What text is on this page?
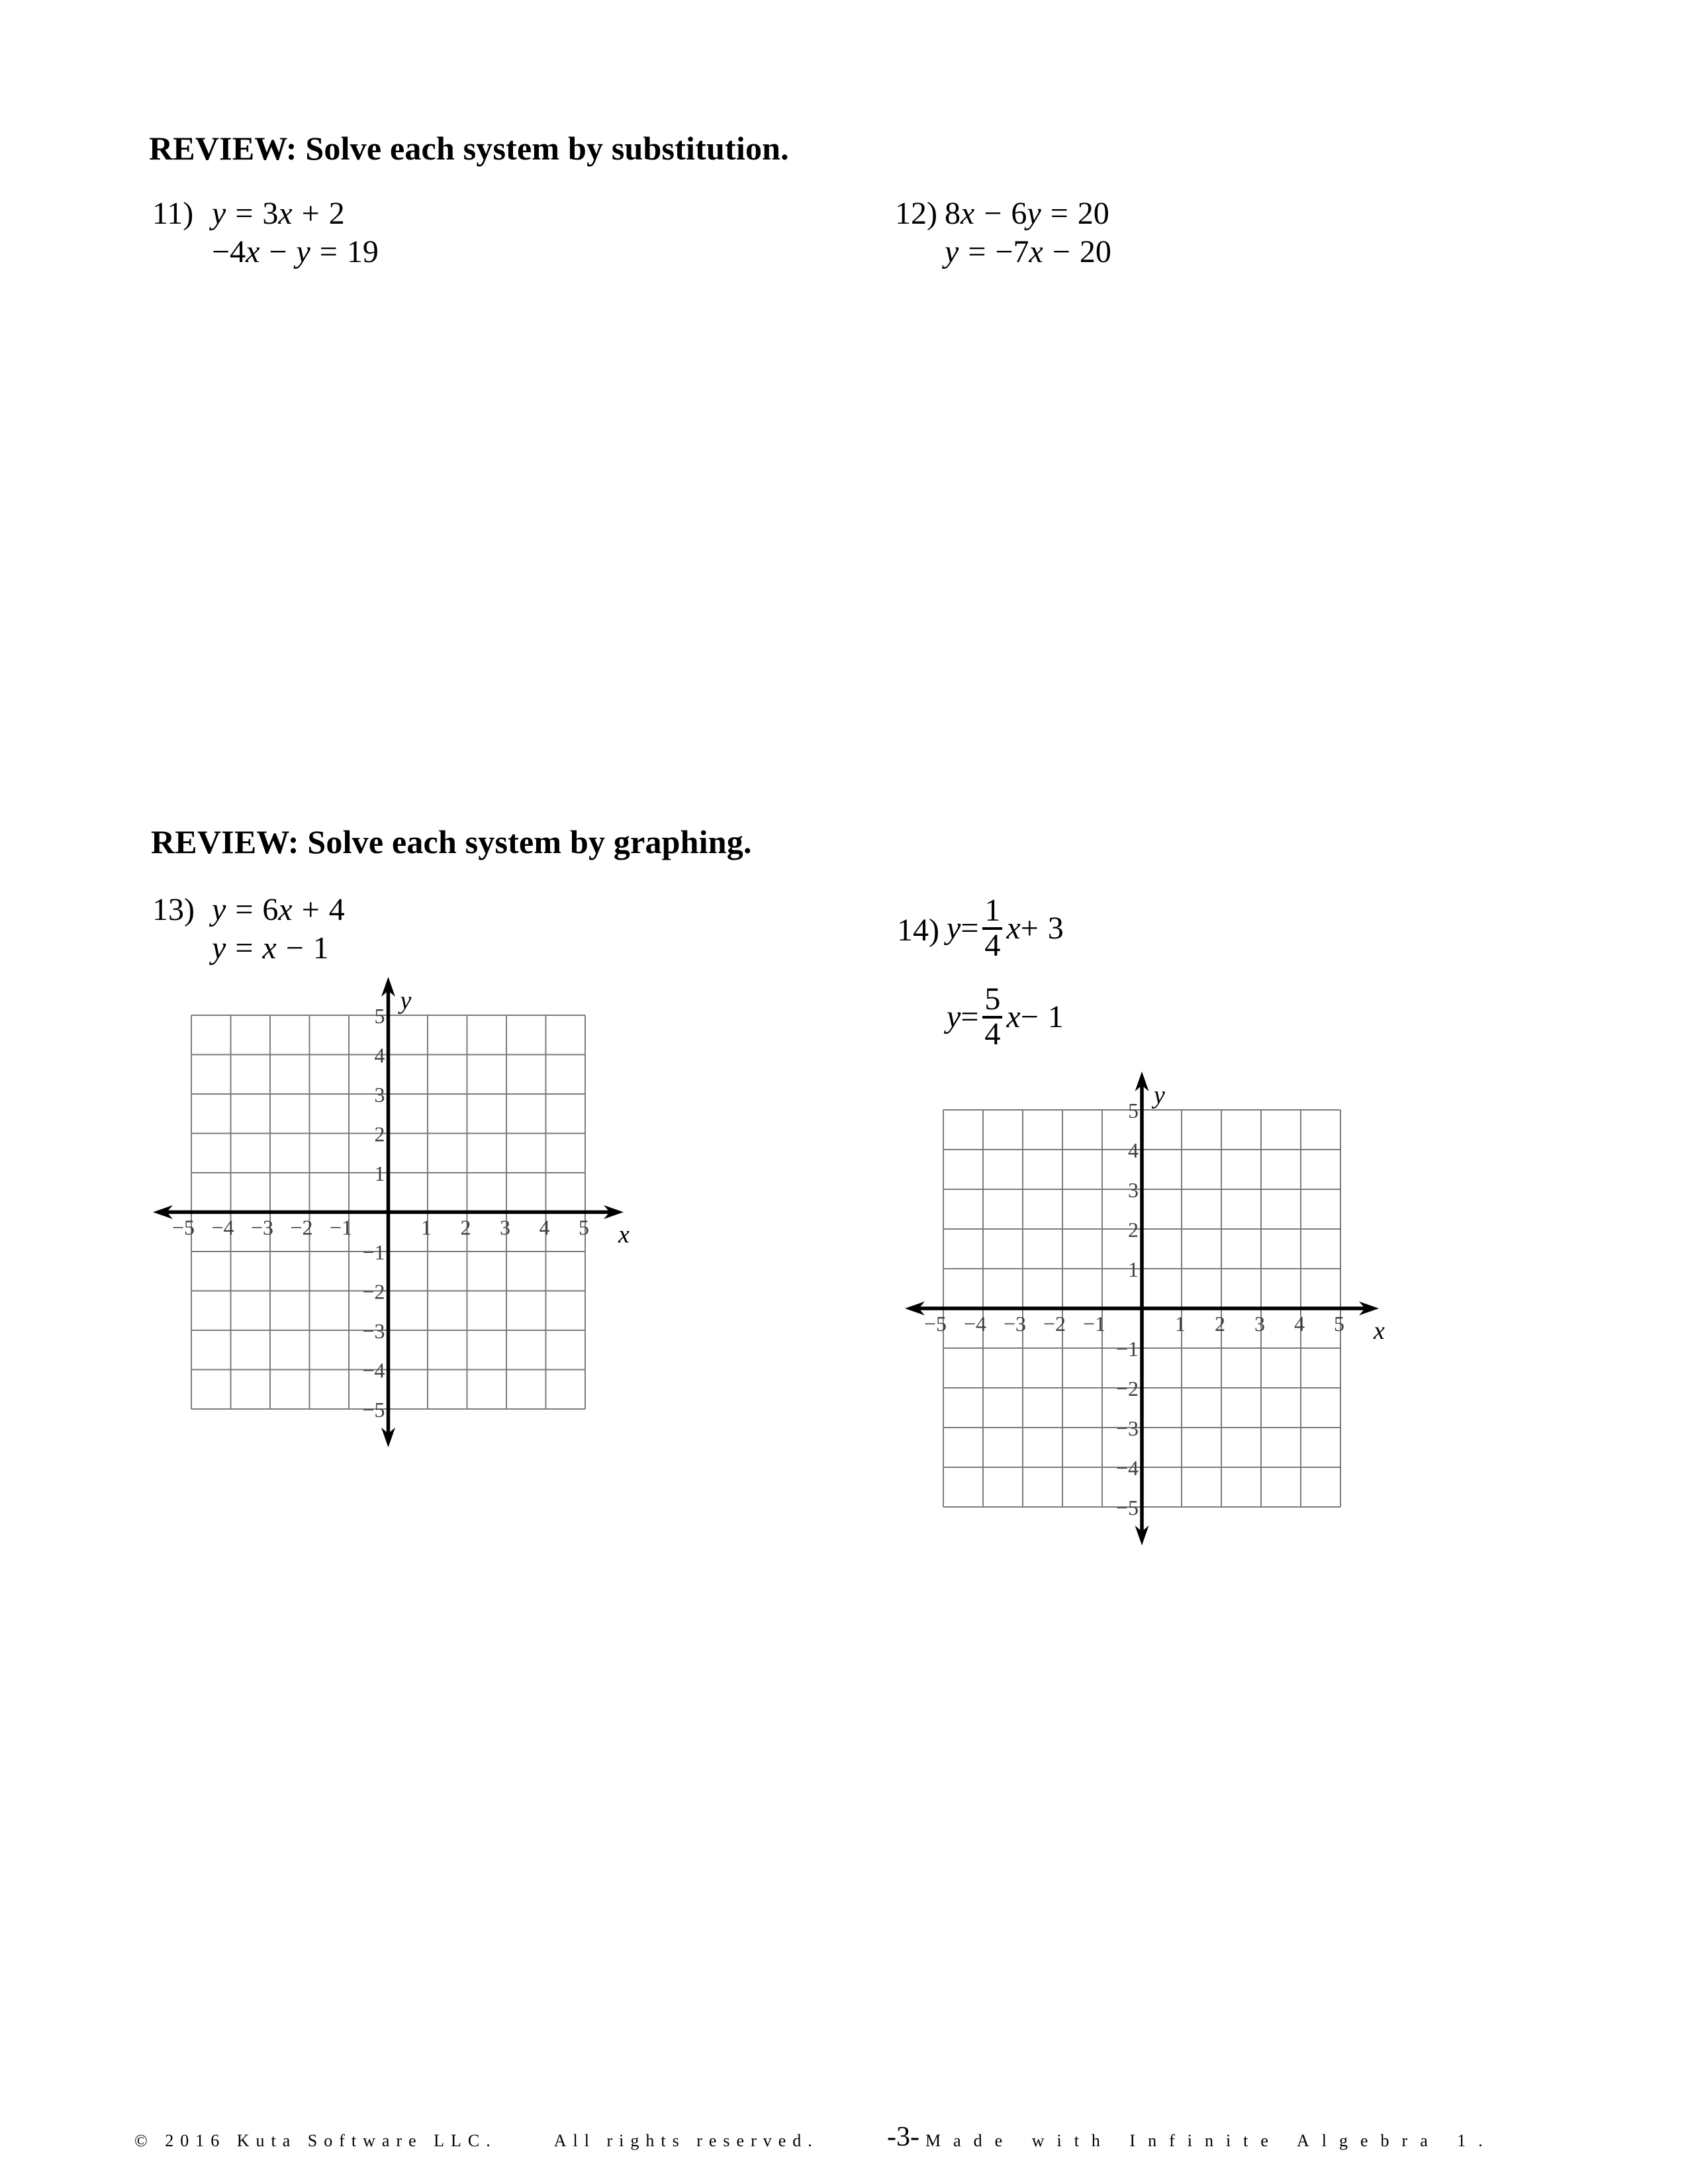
REVIEW: Solve each system by substitution.
11) y = 3x + 2
−4x − y = 19
12) 8x − 6y = 20
y = −7x − 20
REVIEW: Solve each system by graphing.
13) y = 6x + 4
y = x − 1
14) $y = \frac{1}{4}$ x + 3
$y = \frac{5}{4}$ x − 1
−5 −4 −3 −2 −1	1 2 3 4 5
5
4
3
2
1
−1
−2
−3
−4
−5
x
y
−5 −4 −3 −2 −1	1 2 3 4 5
5
4
3
2
1
−1
−2
−3
−4
−5
x
y
© 2016 Kuta Software LLC.	All rights reserved. -3- Made with Infinite Algebra 1.
